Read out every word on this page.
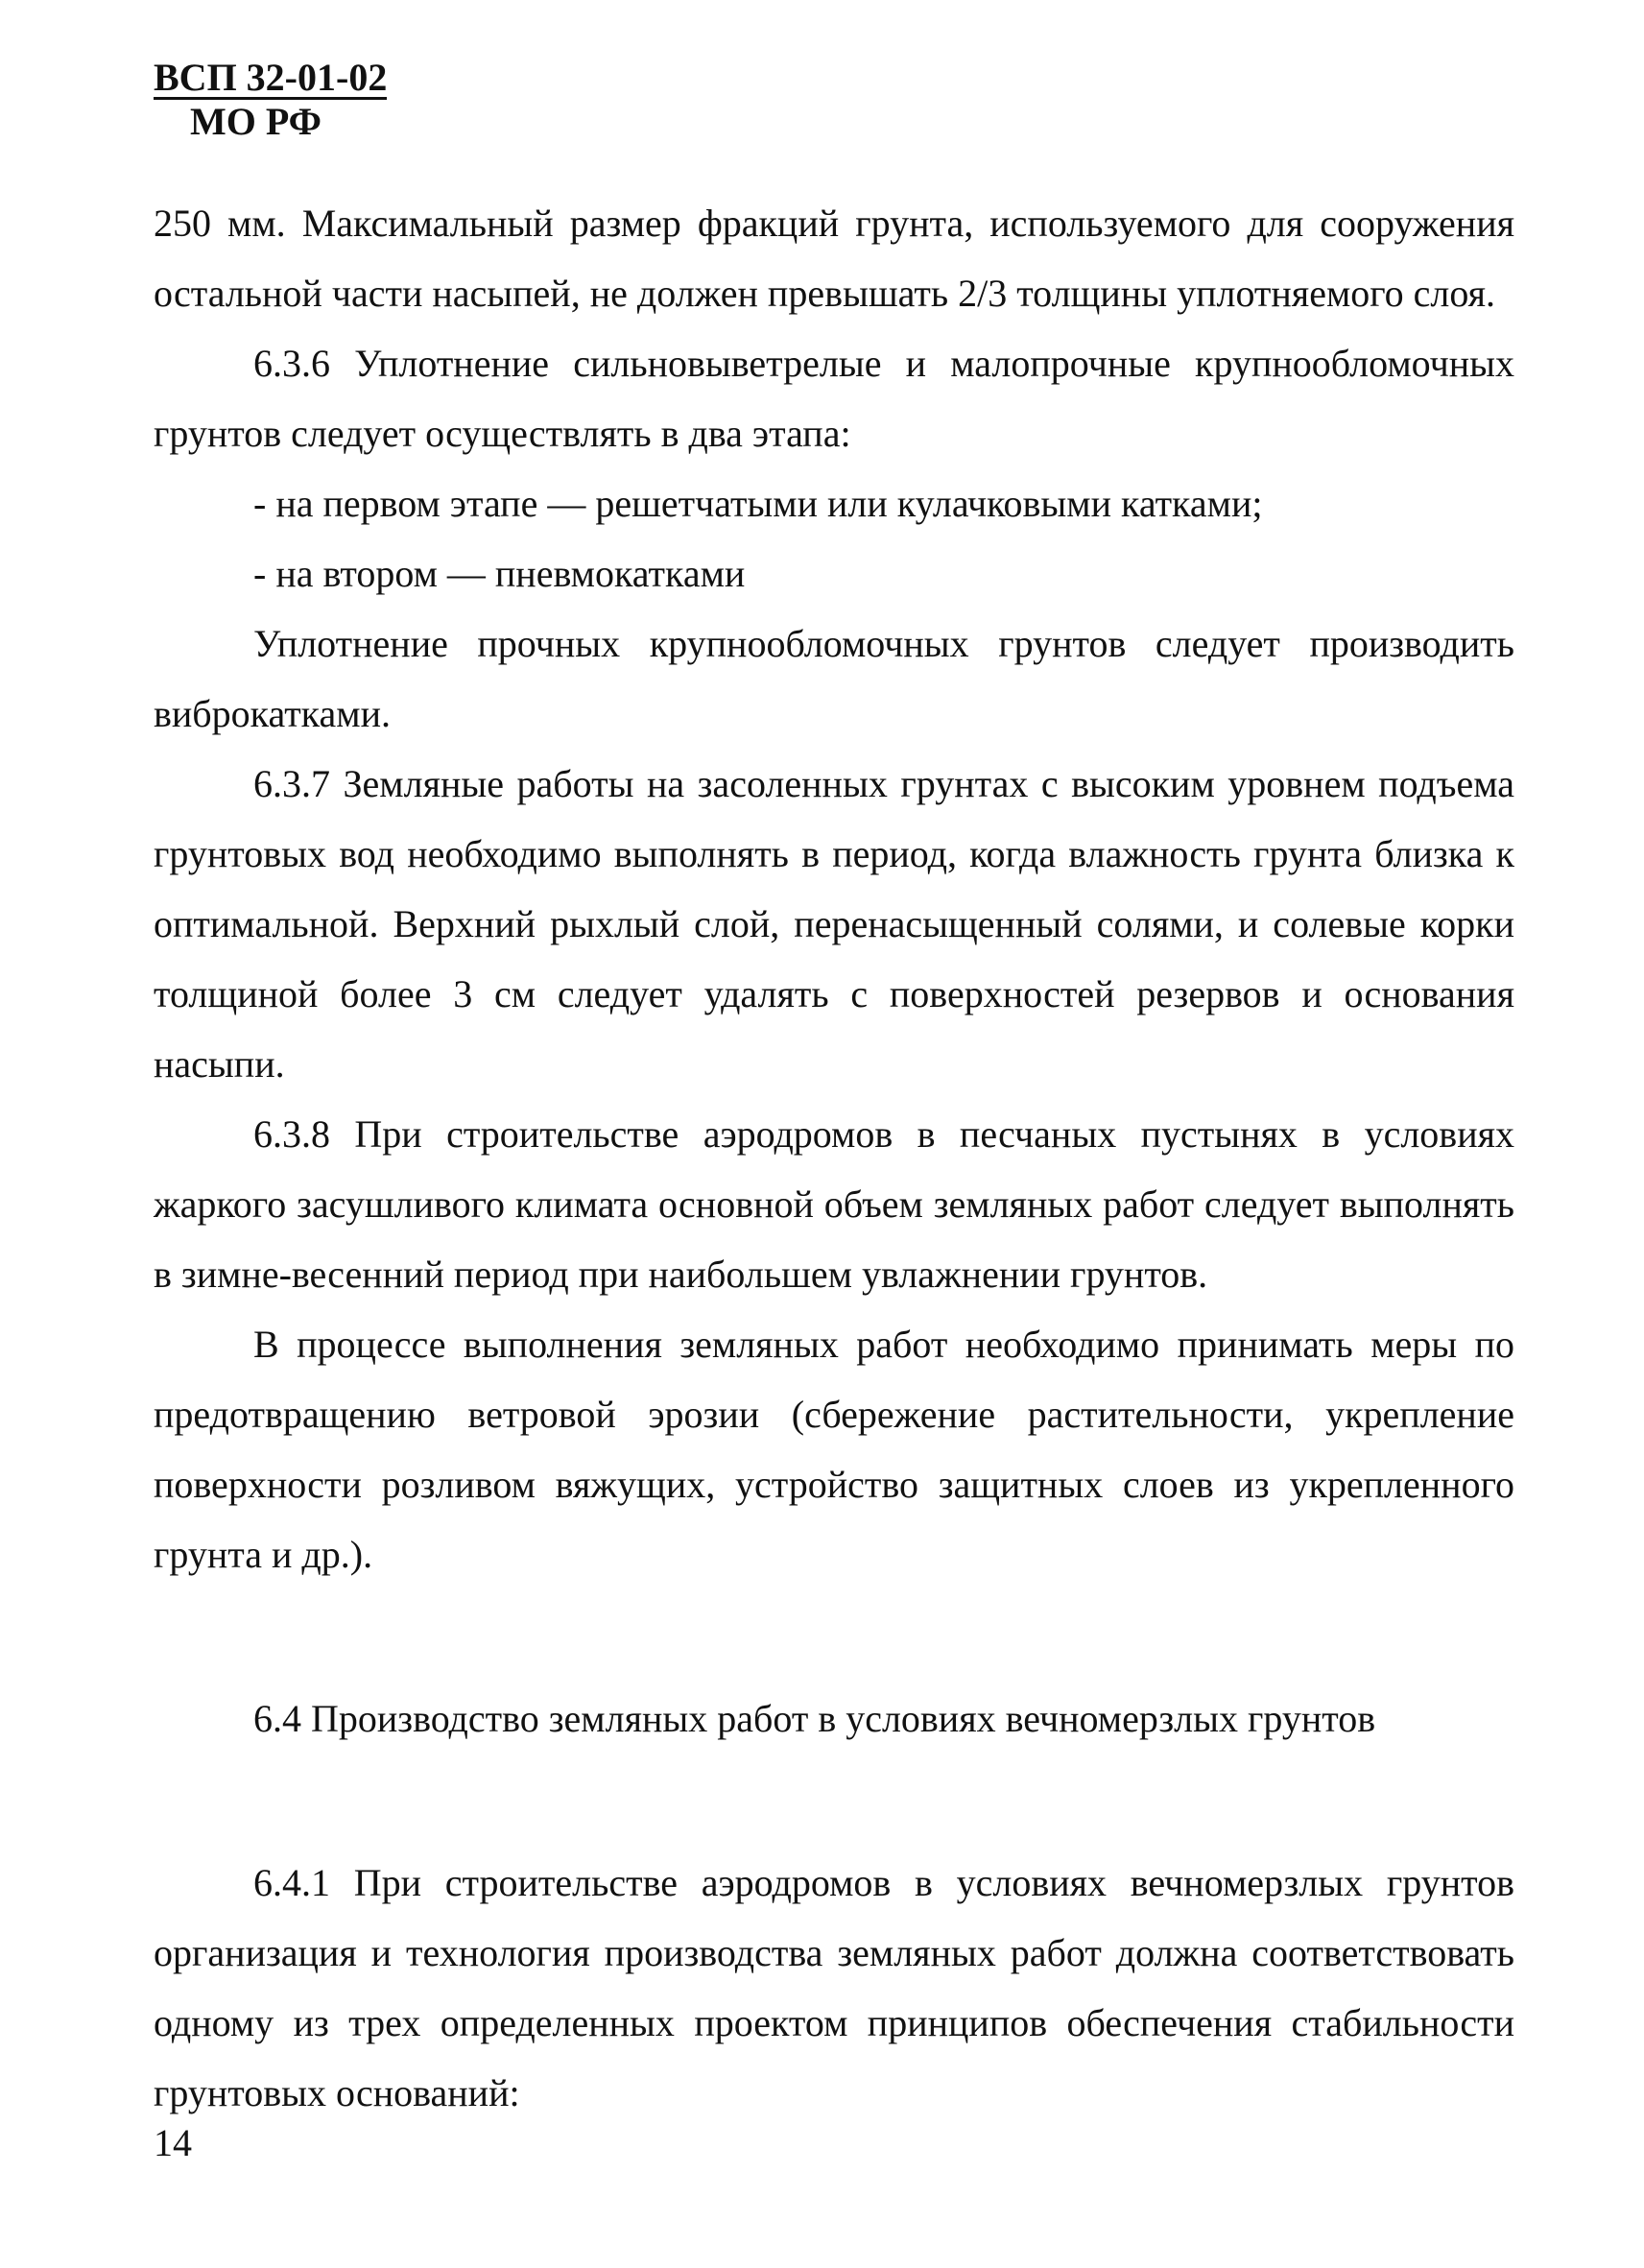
ВСП 32-01-02
МО РФ

250 мм. Максимальный размер фракций грунта, используемого для сооружения остальной части насыпей, не должен превышать 2/3 толщины уплотняемого слоя.

6.3.6 Уплотнение сильновыветрелые и малопрочные крупнообломочных грунтов следует осуществлять в два этапа:

- на первом этапе — решетчатыми или кулачковыми катками;

- на втором — пневмокатками

Уплотнение прочных крупнообломочных грунтов следует производить виброкатками.

6.3.7 Земляные работы на засоленных грунтах с высоким уровнем подъема грунтовых вод необходимо выполнять в период, когда влажность грунта близка к оптимальной. Верхний рыхлый слой, перенасыщенный солями, и солевые корки толщиной более 3 см следует удалять с поверхностей резервов и основания насыпи.

6.3.8 При строительстве аэродромов в песчаных пустынях в условиях жаркого засушливого климата основной объем земляных работ следует выполнять в зимне-весенний период при наибольшем увлажнении грунтов.

В процессе выполнения земляных работ необходимо принимать меры по предотвращению ветровой эрозии (сбережение растительности, укрепление поверхности розливом вяжущих, устройство защитных слоев из укрепленного грунта и др.).

6.4 Производство земляных работ в условиях вечномерзлых грунтов

6.4.1 При строительстве аэродромов в условиях вечномерзлых грунтов организация и технология производства земляных работ должна соответствовать одному из трех определенных проектом принципов обеспечения стабильности грунтовых оснований:

14
